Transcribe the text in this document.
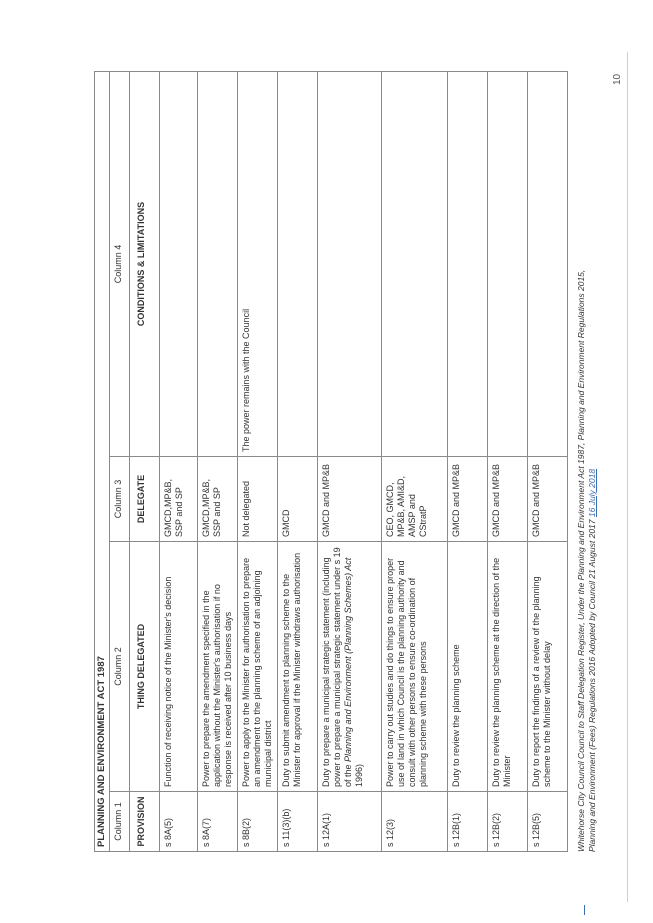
PLANNING AND ENVIRONMENT ACT 1987			
Column 1	Column 2	Column 3	Column 4
PROVISION	THING DELEGATED	DELEGATE	CONDITIONS & LIMITATIONS
s 8A(5)	Function of receiving notice of the Minister's decision	GMCD,MP&B, SSP and SP	
s 8A(7)	Power to prepare the amendment specified in the application without the Minister's authorisation if no response is received after 10 business days	GMCD,MP&B, SSP and SP	
s 8B(2)	Power to apply to the Minister for authorisation to prepare an amendment to the planning scheme of an adjoining municipal district	Not delegated	The power remains with the Council
s 11(3)(b)	Duty to submit amendment to planning scheme to the Minister for approval if the Minister withdraws authorisation	GMCD	
s 12A(1)	Duty to prepare a municipal strategic statement (including power to prepare a municipal strategic statement under s 19 of the Planning and Environment (Planning Schemes) Act 1996)	GMCD and MP&B	
s 12(3)	Power to carry out studies and do things to ensure proper use of land in which Council is the planning authority and consult with other persons to ensure co-ordination of planning scheme with these persons	CEO, GMCD, MP&B, AMI&D, AMSP and CStratP	
s 12B(1)	Duty to review the planning scheme	GMCD and MP&B	
s 12B(2)	Duty to review the planning scheme at the direction of the Minister	GMCD and MP&B	
s 12B(5)	Duty to report the findings of a review of the planning scheme to the Minister without delay	GMCD and MP&B		Whitehorse City Council Council to Staff Delegation Register, Under the Planning and Environment Act 1987, Planning and Environment Regulations 2015, Planning and Environment (Fees) Regulations 2016 Adopted by Council 21 August 2017 16 July 2018
10
